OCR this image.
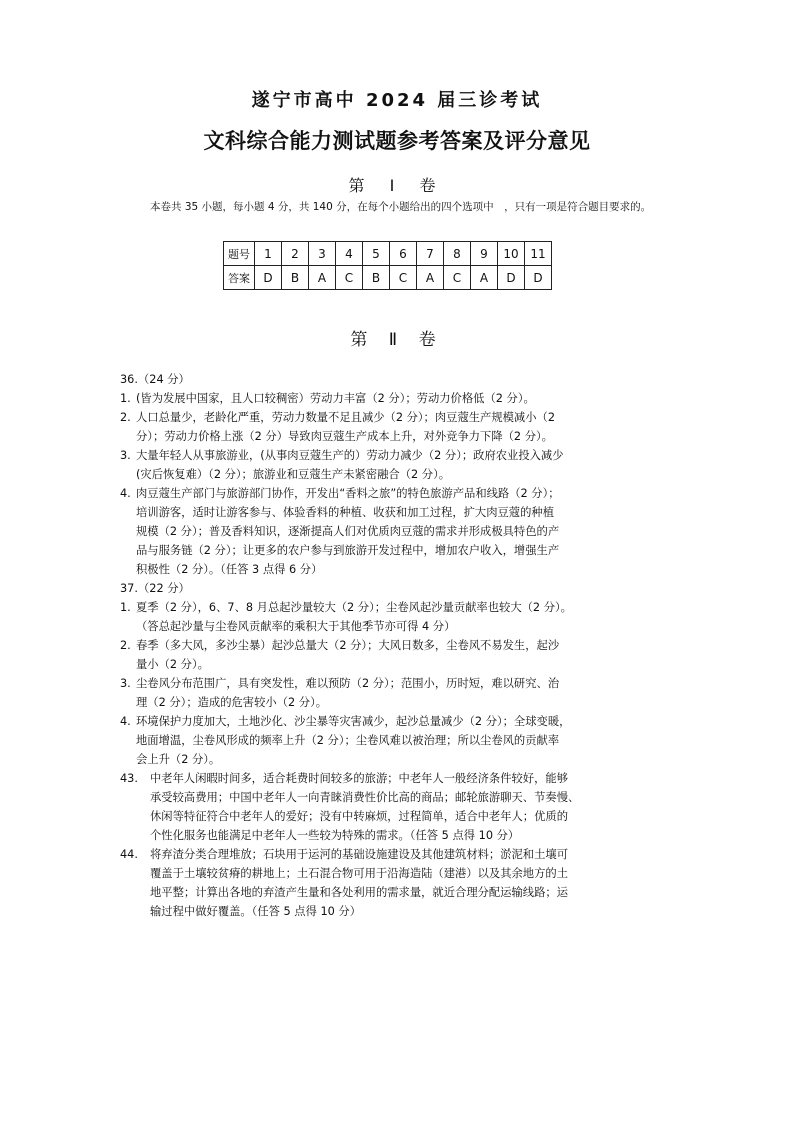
遂宁市高中 2024 届三诊考试
文科综合能力测试题参考答案及评分意见
第 Ⅰ 卷
本卷共 35 小题，每小题 4 分，共 140 分，在每个小题给出的四个选项中　，只有一项是符合题目要求的。
题号	1	2	3	4	5	6	7	8	9	10	11
答案	D	B	A	C	B	C	A	C	A	D	D
第 Ⅱ 卷
36.（24 分）
1. (皆为发展中国家，且人口较稠密）劳动力丰富（2 分）；劳动力价格低（2 分）。
2. 人口总量少，老龄化严重，劳动力数量不足且减少（2 分）；肉豆蔻生产规模减小（2
分）；劳动力价格上涨（2 分）导致肉豆蔻生产成本上升，对外竞争力下降（2 分）。
3. 大量年轻人从事旅游业，(从事肉豆蔻生产的）劳动力减少（2 分）；政府农业投入减少
(灾后恢复难）（2 分）；旅游业和豆蔻生产未紧密融合（2 分）。
4. 肉豆蔻生产部门与旅游部门协作，开发出“香料之旅”的特色旅游产品和线路（2 分）；
培训游客，适时让游客参与、体验香料的种植、收获和加工过程，扩大肉豆蔻的种植
规模（2 分）；普及香料知识，逐渐提高人们对优质肉豆蔻的需求并形成极具特色的产
品与服务链（2 分）；让更多的农户参与到旅游开发过程中，增加农户收入，增强生产
积极性（2 分）。（任答 3 点得 6 分）
37.（22 分）
1. 夏季（2 分），6、7、8 月总起沙量较大（2 分）；尘卷风起沙量贡献率也较大（2 分）。
（答总起沙量与尘卷风贡献率的乘积大于其他季节亦可得 4 分）
2. 春季（多大风，多沙尘暴）起沙总量大（2 分）；大风日数多，尘卷风不易发生，起沙
量小（2 分）。
3. 尘卷风分布范围广，具有突发性，难以预防（2 分）；范围小，历时短，难以研究、治
理（2 分）；造成的危害较小（2 分）。
4. 环境保护力度加大，土地沙化、沙尘暴等灾害减少，起沙总量减少（2 分）；全球变暖，
地面增温，尘卷风形成的频率上升（2 分）；尘卷风难以被治理；所以尘卷风的贡献率
会上升（2 分）。
43.	中老年人闲暇时间多，适合耗费时间较多的旅游；中老年人一般经济条件较好，能够
承受较高费用；中国中老年人一向青睐消费性价比高的商品；邮轮旅游聊天、节奏慢、
休闲等特征符合中老年人的爱好；没有中转麻烦，过程简单，适合中老年人；优质的
个性化服务也能满足中老年人一些较为特殊的需求。（任答 5 点得 10 分）
44.	将弃渣分类合理堆放；石块用于运河的基础设施建设及其他建筑材料；淤泥和土壤可
覆盖于土壤较贫瘠的耕地上；土石混合物可用于沿海造陆（建港）以及其余地方的土
地平整；计算出各地的弃渣产生量和各处利用的需求量，就近合理分配运输线路；运
输过程中做好覆盖。（任答 5 点得 10 分）
